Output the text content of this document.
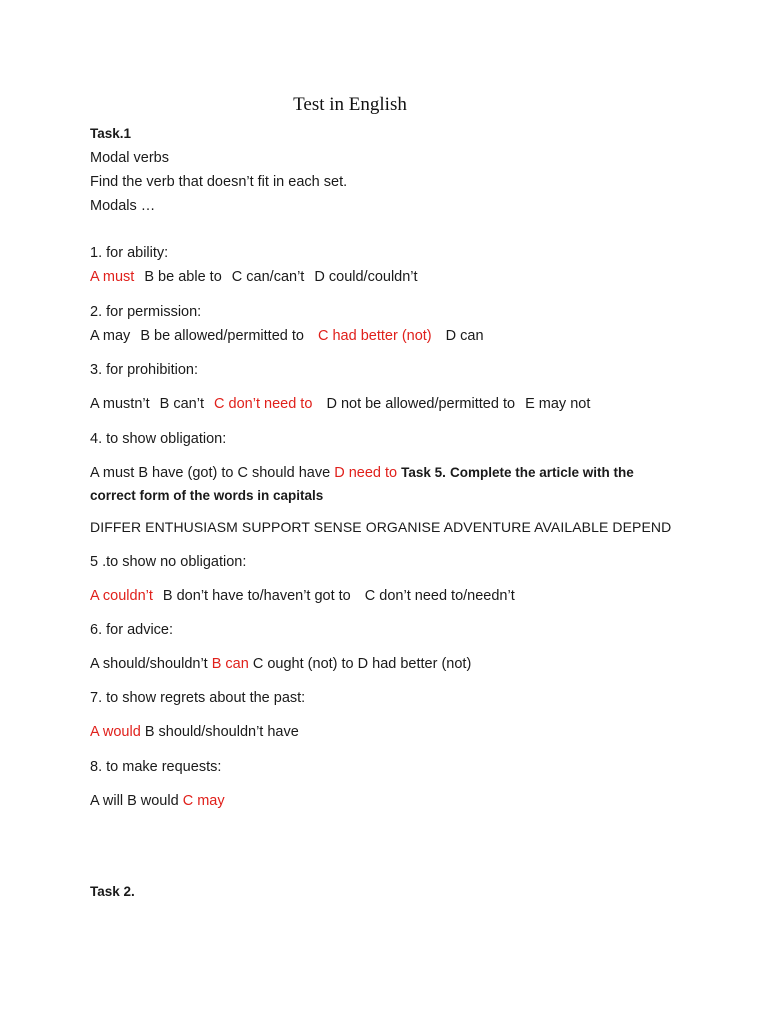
Test in English
Task.1
Modal verbs
Find the verb that doesn’t fit in each set.
Modals …
1. for ability:
A must B be able to C can/can’t D could/couldn’t
2. for permission:
A may B be allowed/permitted to C had better (not) D can
3. for prohibition:
A mustn’t B can’t C don’t need to D not be allowed/permitted to E may not
4. to show obligation:
A must B have (got) to C should have D need to Task 5. Complete the article with the
correct form of the words in capitals
DIFFER ENTHUSIASM SUPPORT SENSE ORGANISE ADVENTURE AVAILABLE DEPEND
5 .to show no obligation:
A couldn’t B don’t have to/haven’t got to C don’t need to/needn’t
6. for advice:
A should/shouldn’t B can C ought (not) to D had better (not)
7. to show regrets about the past:
A would B should/shouldn’t have
8. to make requests:
A will B would C may
Task 2.
